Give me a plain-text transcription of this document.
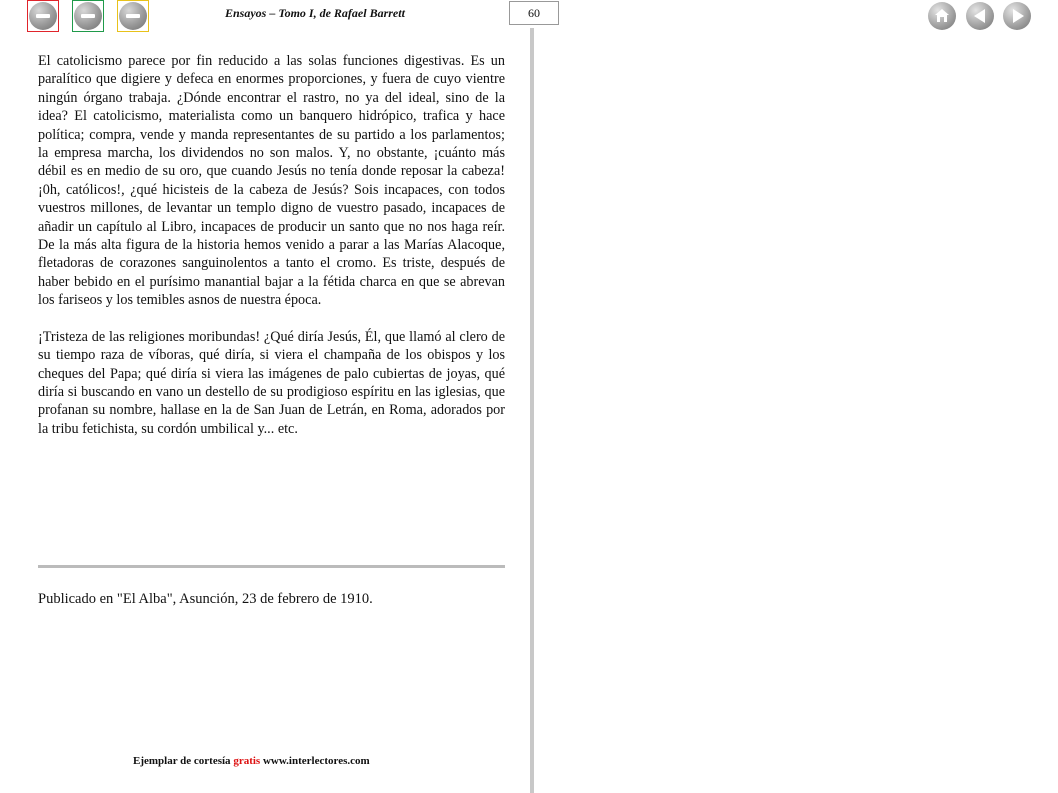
Ensayos – Tomo I, de Rafael Barrett	60

El catolicismo parece por fin reducido a las solas funciones digestivas. Es un paralítico que digiere y defeca en enormes proporciones, y fuera de cuyo vientre ningún órgano trabaja. ¿Dónde encontrar el rastro, no ya del ideal, sino de la idea? El catolicismo, materialista como un banquero hidrópico, trafica y hace política; compra, vende y manda representantes de su partido a los parlamentos; la empresa marcha, los dividendos no son malos. Y, no obstante, ¡cuánto más débil es en medio de su oro, que cuando Jesús no tenía donde reposar la cabeza! ¡0h, católicos!, ¿qué hicisteis de la cabeza de Jesús? Sois incapaces, con todos vuestros millones, de levantar un templo digno de vuestro pasado, incapaces de añadir un capítulo al Libro, incapaces de producir un santo que no nos haga reír. De la más alta figura de la historia hemos venido a parar a las Marías Alacoque, fletadoras de corazones sanguinolentos a tanto el cromo. Es triste, después de haber bebido en el purísimo manantial bajar a la fétida charca en que se abrevan los fariseos y los temibles asnos de nuestra época.

¡Tristeza de las religiones moribundas! ¿Qué diría Jesús, Él, que llamó al clero de su tiempo raza de víboras, qué diría, si viera el champaña de los obispos y los cheques del Papa; qué diría si viera las imágenes de palo cubiertas de joyas, qué diría si buscando en vano un destello de su prodigioso espíritu en las iglesias, que profanan su nombre, hallase en la de San Juan de Letrán, en Roma, adorados por la tribu fetichista, su cordón umbilical y... etc.

Publicado en "El Alba", Asunción, 23 de febrero de 1910.
Ejemplar de cortesía gratis www.interlectores.com
